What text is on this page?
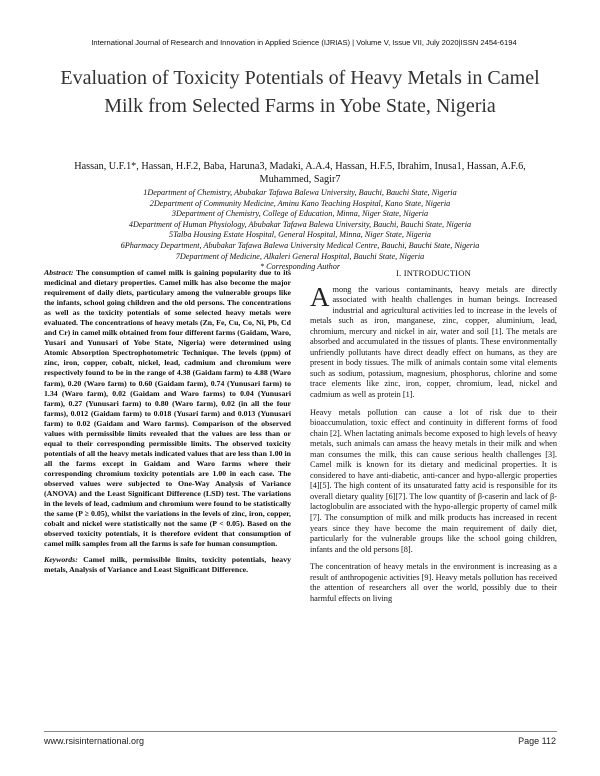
International Journal of Research and Innovation in Applied Science (IJRIAS) | Volume V, Issue VII, July 2020|ISSN 2454-6194
Evaluation of Toxicity Potentials of Heavy Metals in Camel Milk from Selected Farms in Yobe State, Nigeria
Hassan, U.F.1*, Hassan, H.F.2, Baba, Haruna3, Madaki, A.A.4, Hassan, H.F.5, Ibrahim, Inusa1, Hassan, A.F.6, Muhammed, Sagir7
1Department of Chemistry, Abubakar Tafawa Balewa University, Bauchi, Bauchi State, Nigeria
2Department of Community Medicine, Aminu Kano Teaching Hospital, Kano State, Nigeria
3Department of Chemistry, College of Education, Minna, Niger State, Nigeria
4Department of Human Physiology, Abubakar Tafawa Balewa University, Bauchi, Bauchi State, Nigeria
5Talba Housing Estate Hospital, General Hospital, Minna, Niger State, Nigeria
6Pharmacy Department, Abubakar Tafawa Balewa University Medical Centre, Bauchi, Bauchi State, Nigeria
7Department of Medicine, Alkaleri General Hospital, Bauchi State, Nigeria
* Corresponding Author

Abstract: The consumption of camel milk is gaining popularity due to its medicinal and dietary properties. Camel milk has also become the major requirement of daily diets, particulary among the vulnerable groups like the infants, school going children and the old persons. The concentrations as well as the toxicity potentials of some selected heavy metals were evaluated. The concentrations of heavy metals (Zn, Fe, Cu, Co, Ni, Pb, Cd and Cr) in camel milk obtained from four different farms (Gaidam, Waro, Yusari and Yunusari of Yobe State, Nigeria) were determined using Atomic Absorption Spectrophotometric Technique. The levels (ppm) of zinc, iron, copper, cobalt, nickel, lead, cadmium and chromium were respectively found to be in the range of 4.38 (Gaidam farm) to 4.88 (Waro farm), 0.20 (Waro farm) to 0.60 (Gaidam farm), 0.74 (Yunusari farm) to 1.34 (Waro farm), 0.02 (Gaidam and Waro farms) to 0.04 (Yunusari farm), 0.27 (Yunusari farm) to 0.80 (Waro farm), 0.02 (in all the four farms), 0.012 (Gaidam farm) to 0.018 (Yusari farm) and 0.013 (Yunusari farm) to 0.02 (Gaidam and Waro farms). Comparison of the observed values with permissible limits revealed that the values are less than or equal to their corresponding permissible limits. The observed toxicity potentials of all the heavy metals indicated values that are less than 1.00 in all the farms except in Gaidam and Waro farms where their corresponding chromium toxicity potentials are 1.00 in each case. The observed values were subjected to One-Way Analysis of Variance (ANOVA) and the Least Significant Difference (LSD) test. The variations in the levels of lead, cadmium and chromium were found to be statistically the same (P ≥ 0.05), whilst the variations in the levels of zinc, iron, copper, cobalt and nickel were statistically not the same (P < 0.05). Based on the observed toxicity potentials, it is therefore evident that consumption of camel milk samples from all the farms is safe for human consumption.

Keywords: Camel milk, permissible limits, toxicity potentials, heavy metals, Analysis of Variance and Least Significant Difference.

I. INTRODUCTION

Among the various contaminants, heavy metals are directly associated with health challenges in human beings. Increased industrial and agricultural activities led to increase in the levels of metals such as iron, manganese, zinc, copper, aluminium, lead, chromium, mercury and nickel in air, water and soil [1]. The metals are absorbed and accumulated in the tissues of plants. These environmentally unfriendly pollutants have direct deadly effect on humans, as they are present in body tissues. The milk of animals contain some vital elements such as sodium, potassium, magnesium, phosphorus, chlorine and some trace elements like zinc, iron, copper, chromium, lead, nickel and cadmium as well as protein [1].

Heavy metals pollution can cause a lot of risk due to their bioaccumulation, toxic effect and continuity in different forms of food chain [2]. When lactating animals become exposed to high levels of heavy metals, such animals can amass the heavy metals in their milk and when man consumes the milk, this can cause serious health challenges [3]. Camel milk is known for its dietary and medicinal properties. It is considered to have anti-diabetic, anti-cancer and hypo-allergic properties [4][5]. The high content of its unsaturated fatty acid is responsible for its overall dietary quality [6][7]. The low quantity of β-caserin and lack of β-lactoglobulin are associated with the hypo-allergic property of camel milk [7]. The consumption of milk and milk products has increased in recent years since they have become the main requirement of daily diet, particularly for the vulnerable groups like the school going children, infants and the old persons [8].

The concentration of heavy metals in the environment is increasing as a result of anthropogenic activities [9]. Heavy metals pollution has received the attention of researchers all over the world, possibly due to their harmful effects on living

www.rsisinternational.org	Page 112
